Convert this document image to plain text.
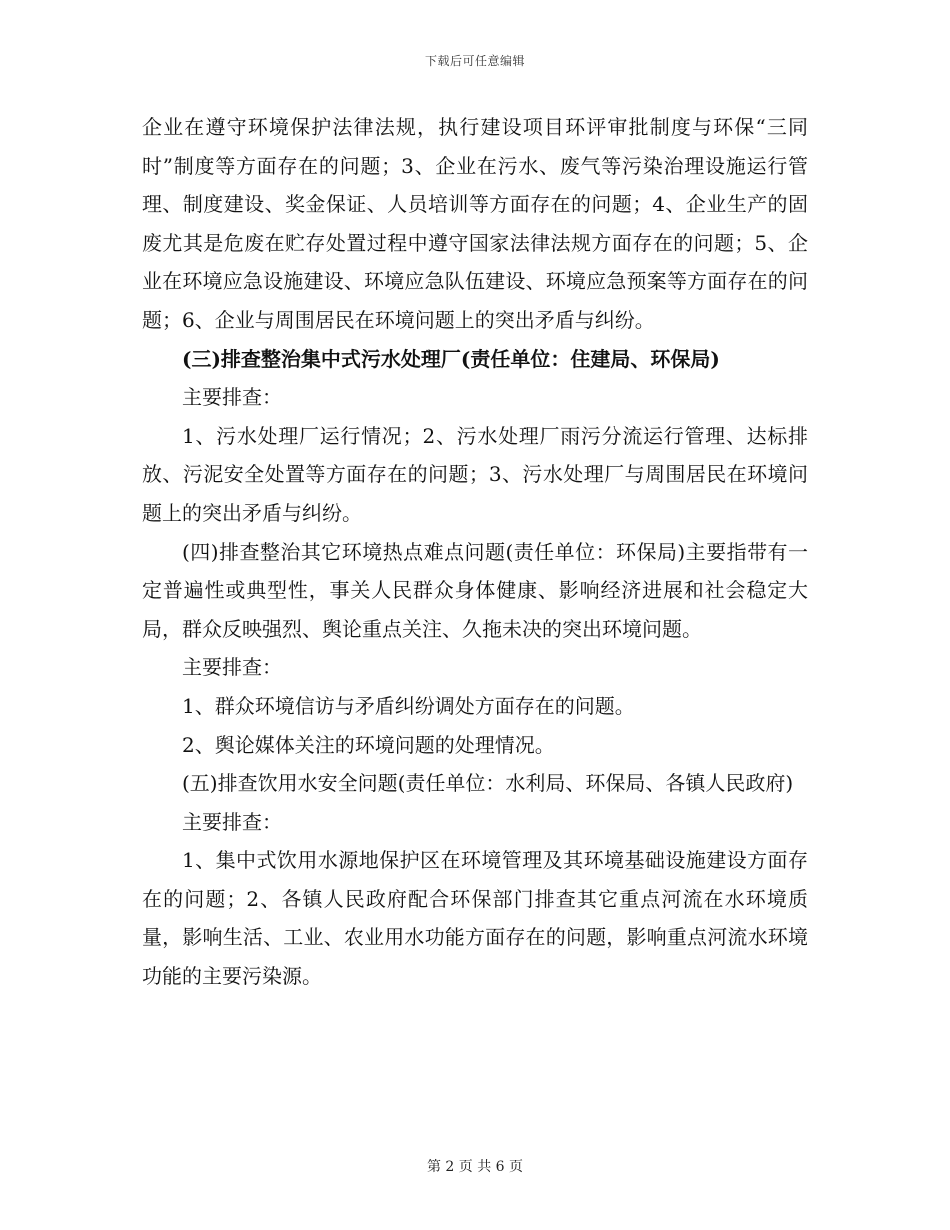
下载后可任意编辑

企业在遵守环境保护法律法规，执行建设项目环评审批制度与环保“三同时”制度等方面存在的问题；3、企业在污水、废气等污染治理设施运行管理、制度建设、奖金保证、人员培训等方面存在的问题；4、企业生产的固废尤其是危废在贮存处置过程中遵守国家法律法规方面存在的问题；5、企业在环境应急设施建设、环境应急队伍建设、环境应急预案等方面存在的问题；6、企业与周围居民在环境问题上的突出矛盾与纠纷。

(三)排查整治集中式污水处理厂(责任单位：住建局、环保局)

主要排查：

1、污水处理厂运行情况；2、污水处理厂雨污分流运行管理、达标排放、污泥安全处置等方面存在的问题；3、污水处理厂与周围居民在环境问题上的突出矛盾与纠纷。

(四)排查整治其它环境热点难点问题(责任单位：环保局)主要指带有一定普遍性或典型性，事关人民群众身体健康、影响经济进展和社会稳定大局，群众反映强烈、舆论重点关注、久拖未决的突出环境问题。

主要排查：

1、群众环境信访与矛盾纠纷调处方面存在的问题。

2、舆论媒体关注的环境问题的处理情况。

(五)排查饮用水安全问题(责任单位：水利局、环保局、各镇人民政府)

主要排查：

1、集中式饮用水源地保护区在环境管理及其环境基础设施建设方面存在的问题；2、各镇人民政府配合环保部门排查其它重点河流在水环境质量，影响生活、工业、农业用水功能方面存在的问题，影响重点河流水环境功能的主要污染源。

第 2 页 共 6 页
